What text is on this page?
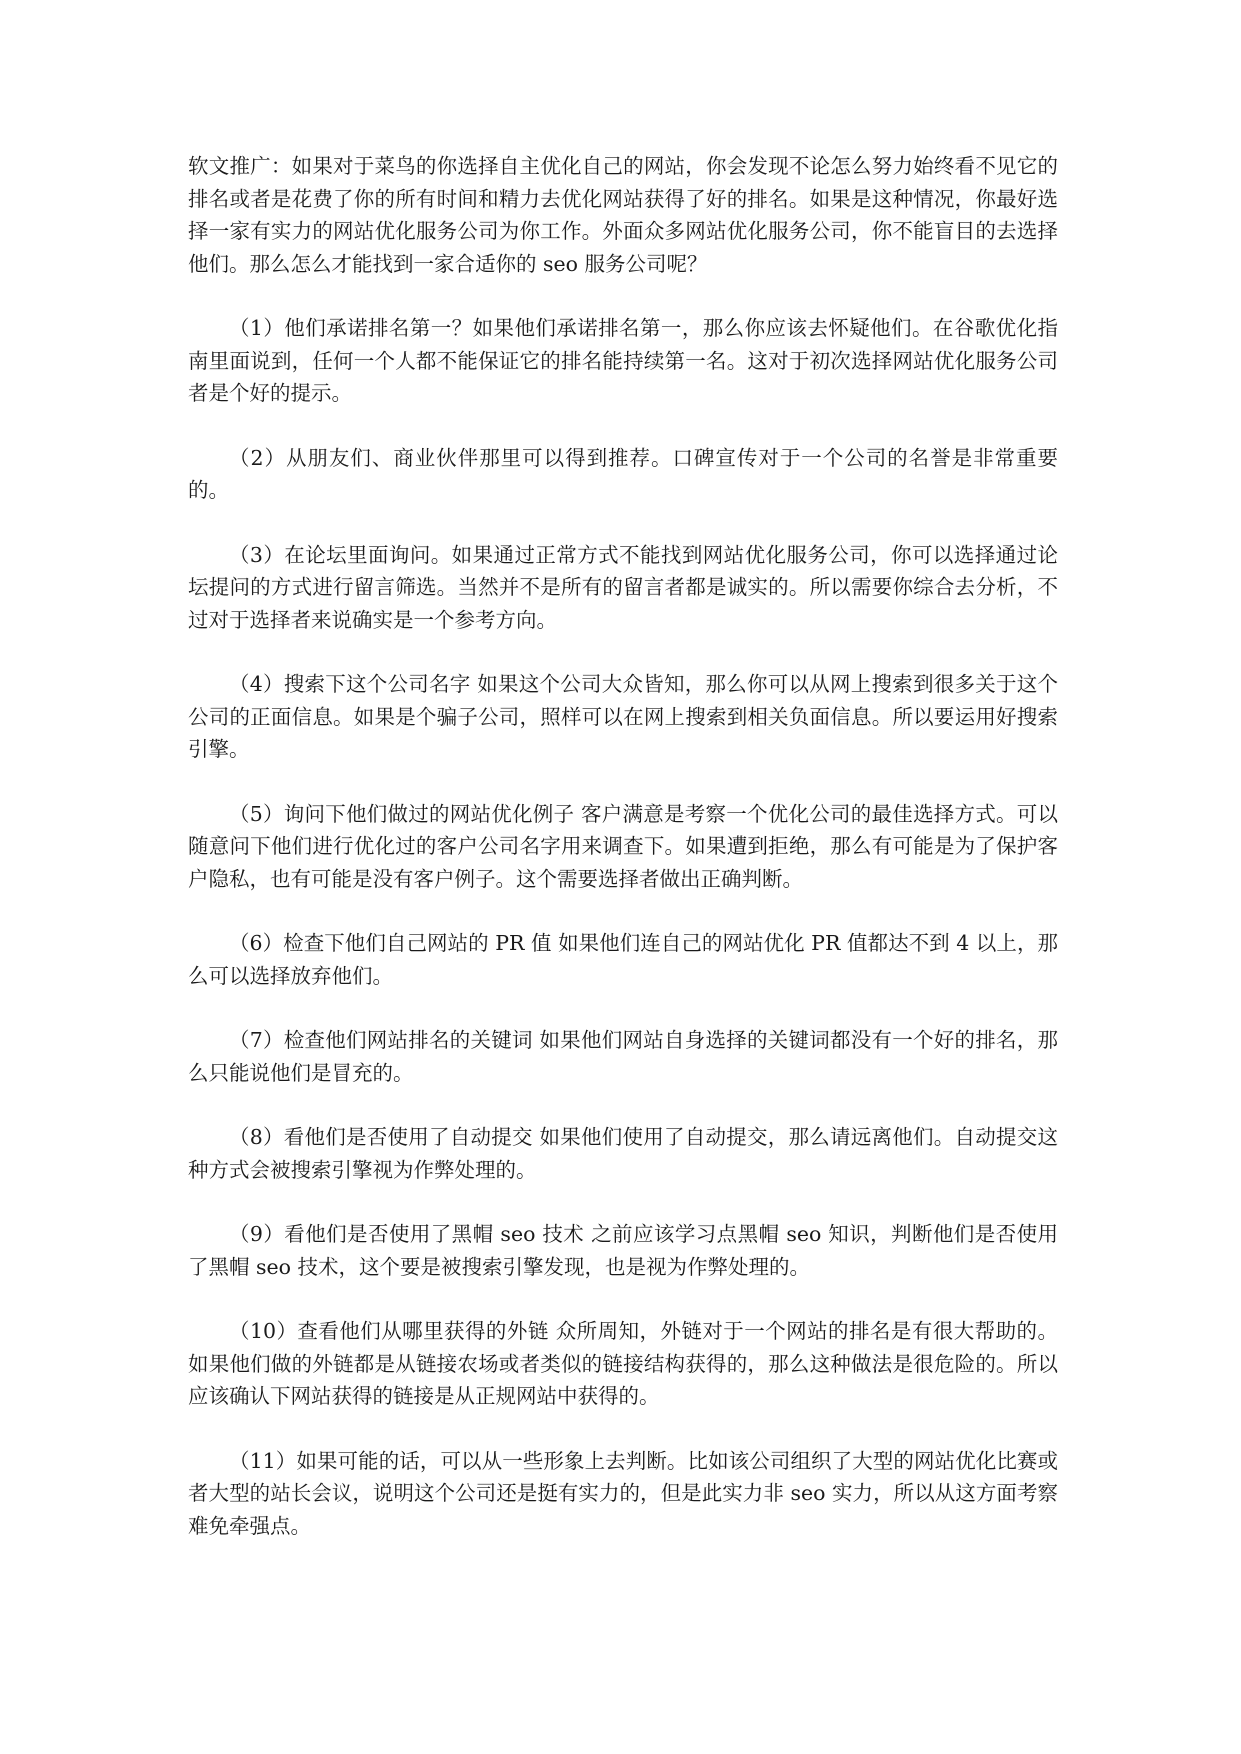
软文推广：如果对于菜鸟的你选择自主优化自己的网站，你会发现不论怎么努力始终看不见它的排名或者是花费了你的所有时间和精力去优化网站获得了好的排名。如果是这种情况，你最好选择一家有实力的网站优化服务公司为你工作。外面众多网站优化服务公司，你不能盲目的去选择他们。那么怎么才能找到一家合适你的 seo 服务公司呢？

（1）他们承诺排名第一？如果他们承诺排名第一，那么你应该去怀疑他们。在谷歌优化指南里面说到，任何一个人都不能保证它的排名能持续第一名。这对于初次选择网站优化服务公司者是个好的提示。

（2）从朋友们、商业伙伴那里可以得到推荐。口碑宣传对于一个公司的名誉是非常重要的。

（3）在论坛里面询问。如果通过正常方式不能找到网站优化服务公司，你可以选择通过论坛提问的方式进行留言筛选。当然并不是所有的留言者都是诚实的。所以需要你综合去分析，不过对于选择者来说确实是一个参考方向。

（4）搜索下这个公司名字 如果这个公司大众皆知，那么你可以从网上搜索到很多关于这个公司的正面信息。如果是个骗子公司，照样可以在网上搜索到相关负面信息。所以要运用好搜索引擎。

（5）询问下他们做过的网站优化例子 客户满意是考察一个优化公司的最佳选择方式。可以随意问下他们进行优化过的客户公司名字用来调查下。如果遭到拒绝，那么有可能是为了保护客户隐私，也有可能是没有客户例子。这个需要选择者做出正确判断。

（6）检查下他们自己网站的 PR 值 如果他们连自己的网站优化 PR 值都达不到 4 以上，那么可以选择放弃他们。

（7）检查他们网站排名的关键词 如果他们网站自身选择的关键词都没有一个好的排名，那么只能说他们是冒充的。

（8）看他们是否使用了自动提交 如果他们使用了自动提交，那么请远离他们。自动提交这种方式会被搜索引擎视为作弊处理的。

（9）看他们是否使用了黑帽 seo 技术 之前应该学习点黑帽 seo 知识，判断他们是否使用了黑帽 seo 技术，这个要是被搜索引擎发现，也是视为作弊处理的。

（10）查看他们从哪里获得的外链 众所周知，外链对于一个网站的排名是有很大帮助的。如果他们做的外链都是从链接农场或者类似的链接结构获得的，那么这种做法是很危险的。所以应该确认下网站获得的链接是从正规网站中获得的。

（11）如果可能的话，可以从一些形象上去判断。比如该公司组织了大型的网站优化比赛或者大型的站长会议，说明这个公司还是挺有实力的，但是此实力非 seo 实力，所以从这方面考察难免牵强点。
